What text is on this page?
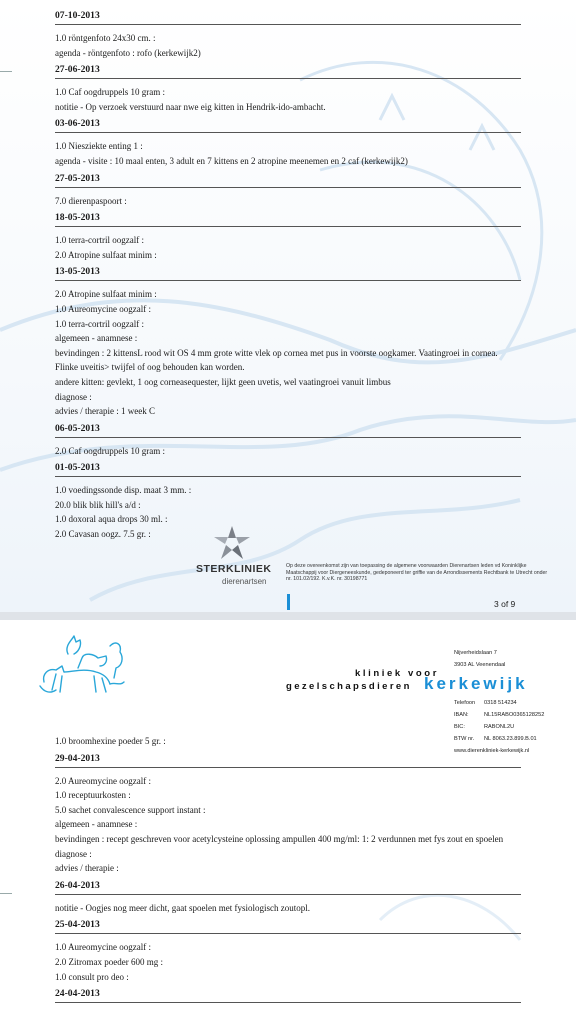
07-10-2013
1.0 röntgenfoto 24x30 cm. :
agenda - röntgenfoto : rofo (kerkewijk2)
27-06-2013
1.0 Caf oogdruppels 10 gram :
notitie - Op verzoek verstuurd naar nwe eig kitten in Hendrik-ido-ambacht.
03-06-2013
1.0 Niesziekte enting 1 :
agenda - visite : 10 maal enten, 3 adult en 7 kittens en 2 atropine meenemen en 2 caf (kerkewijk2)
27-05-2013
7.0 dierenpaspoort :
18-05-2013
1.0 terra-cortril oogzalf :
2.0 Atropine sulfaat minim :
13-05-2013
2.0 Atropine sulfaat minim :
1.0 Aureomycine oogzalf :
1.0 terra-cortril oogzalf :
algemeen - anamnese :
bevindingen : 2 kittensL rood wit OS 4 mm grote witte vlek op cornea met pus in voorste oogkamer. Vaatingroei in cornea. Flinke uveitis> twijfel of oog behouden kan worden.
andere kitten: gevlekt, 1 oog corneasequester, lijkt geen uvetis, wel vaatingroei vanuit limbus
diagnose :
advies / therapie : 1 week C
06-05-2013
2.0 Caf oogdruppels 10 gram :
01-05-2013
1.0 voedingssonde disp. maat 3 mm. :
20.0 blik blik hill's a/d :
1.0 doxoral aqua drops 30 ml. :
2.0 Cavasan oogz. 7.5 gr. :
STERKLINIEK
dierenartsen
Op deze overeenkomst zijn van toepassing de algemene voorwaarden Dierenartsen leden vd Koninklijke Maatschappij voor Diergeneeskunde, gedeponeerd ter griffie van de Arrondissements Rechtbank te Utrecht onder nr. 101.02/192. K.v.K. nr. 30198771
3 of 9
kliniek voor
gezelschapsdieren kerkewijk
Nijverheidslaan 7
3903 AL Veenendaal
Telefoon 0318 514234
IBAN:	NL15RABO0365128252
BIC:	RABONL2U
BTW nr. NL 8063.23.899.B.01
www.dierenkliniek-kerkewijk.nl
1.0 broomhexine poeder 5 gr. :
29-04-2013
2.0 Aureomycine oogzalf :
1.0 receptuurkosten :
5.0 sachet convalescence support instant :
algemeen - anamnese :
bevindingen : recept geschreven voor acetylcysteine oplossing ampullen 400 mg/ml: 1: 2 verdunnen met fys zout en spoelen
diagnose :
advies / therapie :
26-04-2013
notitie - Oogjes nog meer dicht, gaat spoelen met fysiologisch zoutopl.
25-04-2013
1.0 Aureomycine oogzalf :
2.0 Zitromax poeder 600 mg :
1.0 consult pro deo :
24-04-2013
